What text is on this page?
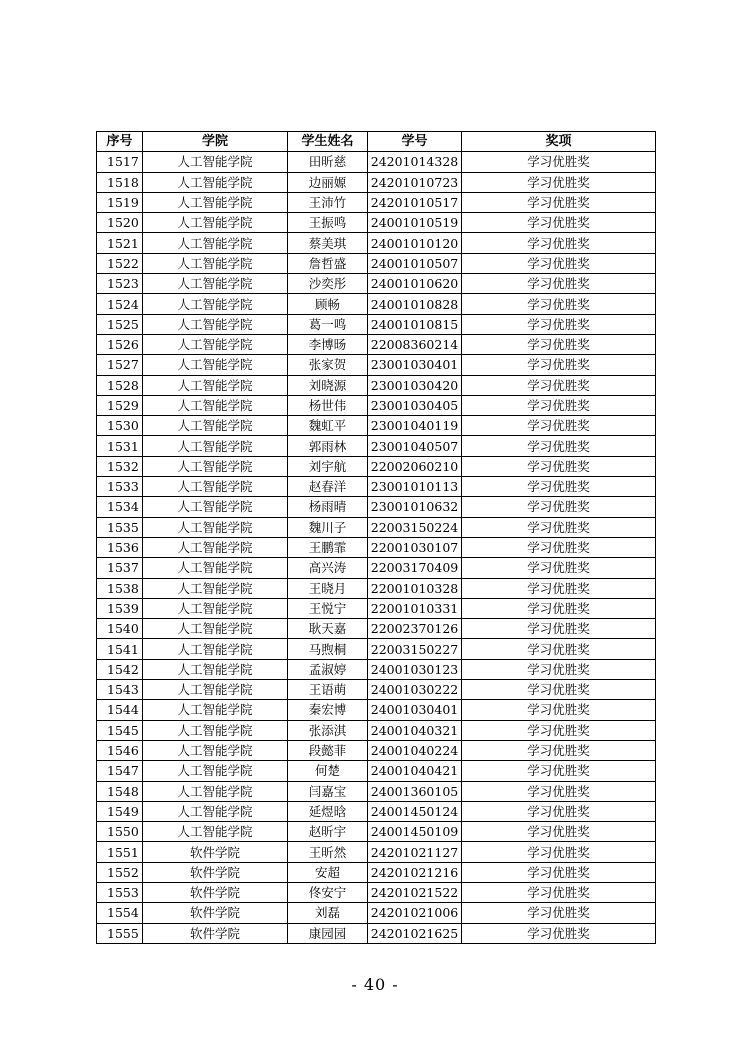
序号	学院	学生姓名	学号	奖项
1517	人工智能学院	田昕慈	24201014328	学习优胜奖
1518	人工智能学院	边丽嫄	24201010723	学习优胜奖
1519	人工智能学院	王沛竹	24201010517	学习优胜奖
1520	人工智能学院	王振鸣	24001010519	学习优胜奖
1521	人工智能学院	蔡美琪	24001010120	学习优胜奖
1522	人工智能学院	詹哲盛	24001010507	学习优胜奖
1523	人工智能学院	沙奕彤	24001010620	学习优胜奖
1524	人工智能学院	顾畅	24001010828	学习优胜奖
1525	人工智能学院	葛一鸣	24001010815	学习优胜奖
1526	人工智能学院	李博旸	22008360214	学习优胜奖
1527	人工智能学院	张家贺	23001030401	学习优胜奖
1528	人工智能学院	刘晓源	23001030420	学习优胜奖
1529	人工智能学院	杨世伟	23001030405	学习优胜奖
1530	人工智能学院	魏虹平	23001040119	学习优胜奖
1531	人工智能学院	郭雨林	23001040507	学习优胜奖
1532	人工智能学院	刘宇航	22002060210	学习优胜奖
1533	人工智能学院	赵春洋	23001010113	学习优胜奖
1534	人工智能学院	杨雨晴	23001010632	学习优胜奖
1535	人工智能学院	魏川子	22003150224	学习优胜奖
1536	人工智能学院	王鹏霏	22001030107	学习优胜奖
1537	人工智能学院	高兴涛	22003170409	学习优胜奖
1538	人工智能学院	王晓月	22001010328	学习优胜奖
1539	人工智能学院	王悦宁	22001010331	学习优胜奖
1540	人工智能学院	耿天嘉	22002370126	学习优胜奖
1541	人工智能学院	马煦桐	22003150227	学习优胜奖
1542	人工智能学院	孟淑婷	24001030123	学习优胜奖
1543	人工智能学院	王语萌	24001030222	学习优胜奖
1544	人工智能学院	秦宏博	24001030401	学习优胜奖
1545	人工智能学院	张添淇	24001040321	学习优胜奖
1546	人工智能学院	段懿菲	24001040224	学习优胜奖
1547	人工智能学院	何楚	24001040421	学习优胜奖
1548	人工智能学院	闫嘉宝	24001360105	学习优胜奖
1549	人工智能学院	延煜晗	24001450124	学习优胜奖
1550	人工智能学院	赵昕宇	24001450109	学习优胜奖
1551	软件学院	王昕然	24201021127	学习优胜奖
1552	软件学院	安超	24201021216	学习优胜奖
1553	软件学院	佟安宁	24201021522	学习优胜奖
1554	软件学院	刘磊	24201021006	学习优胜奖
1555	软件学院	康园园	24201021625	学习优胜奖
- 40 -
